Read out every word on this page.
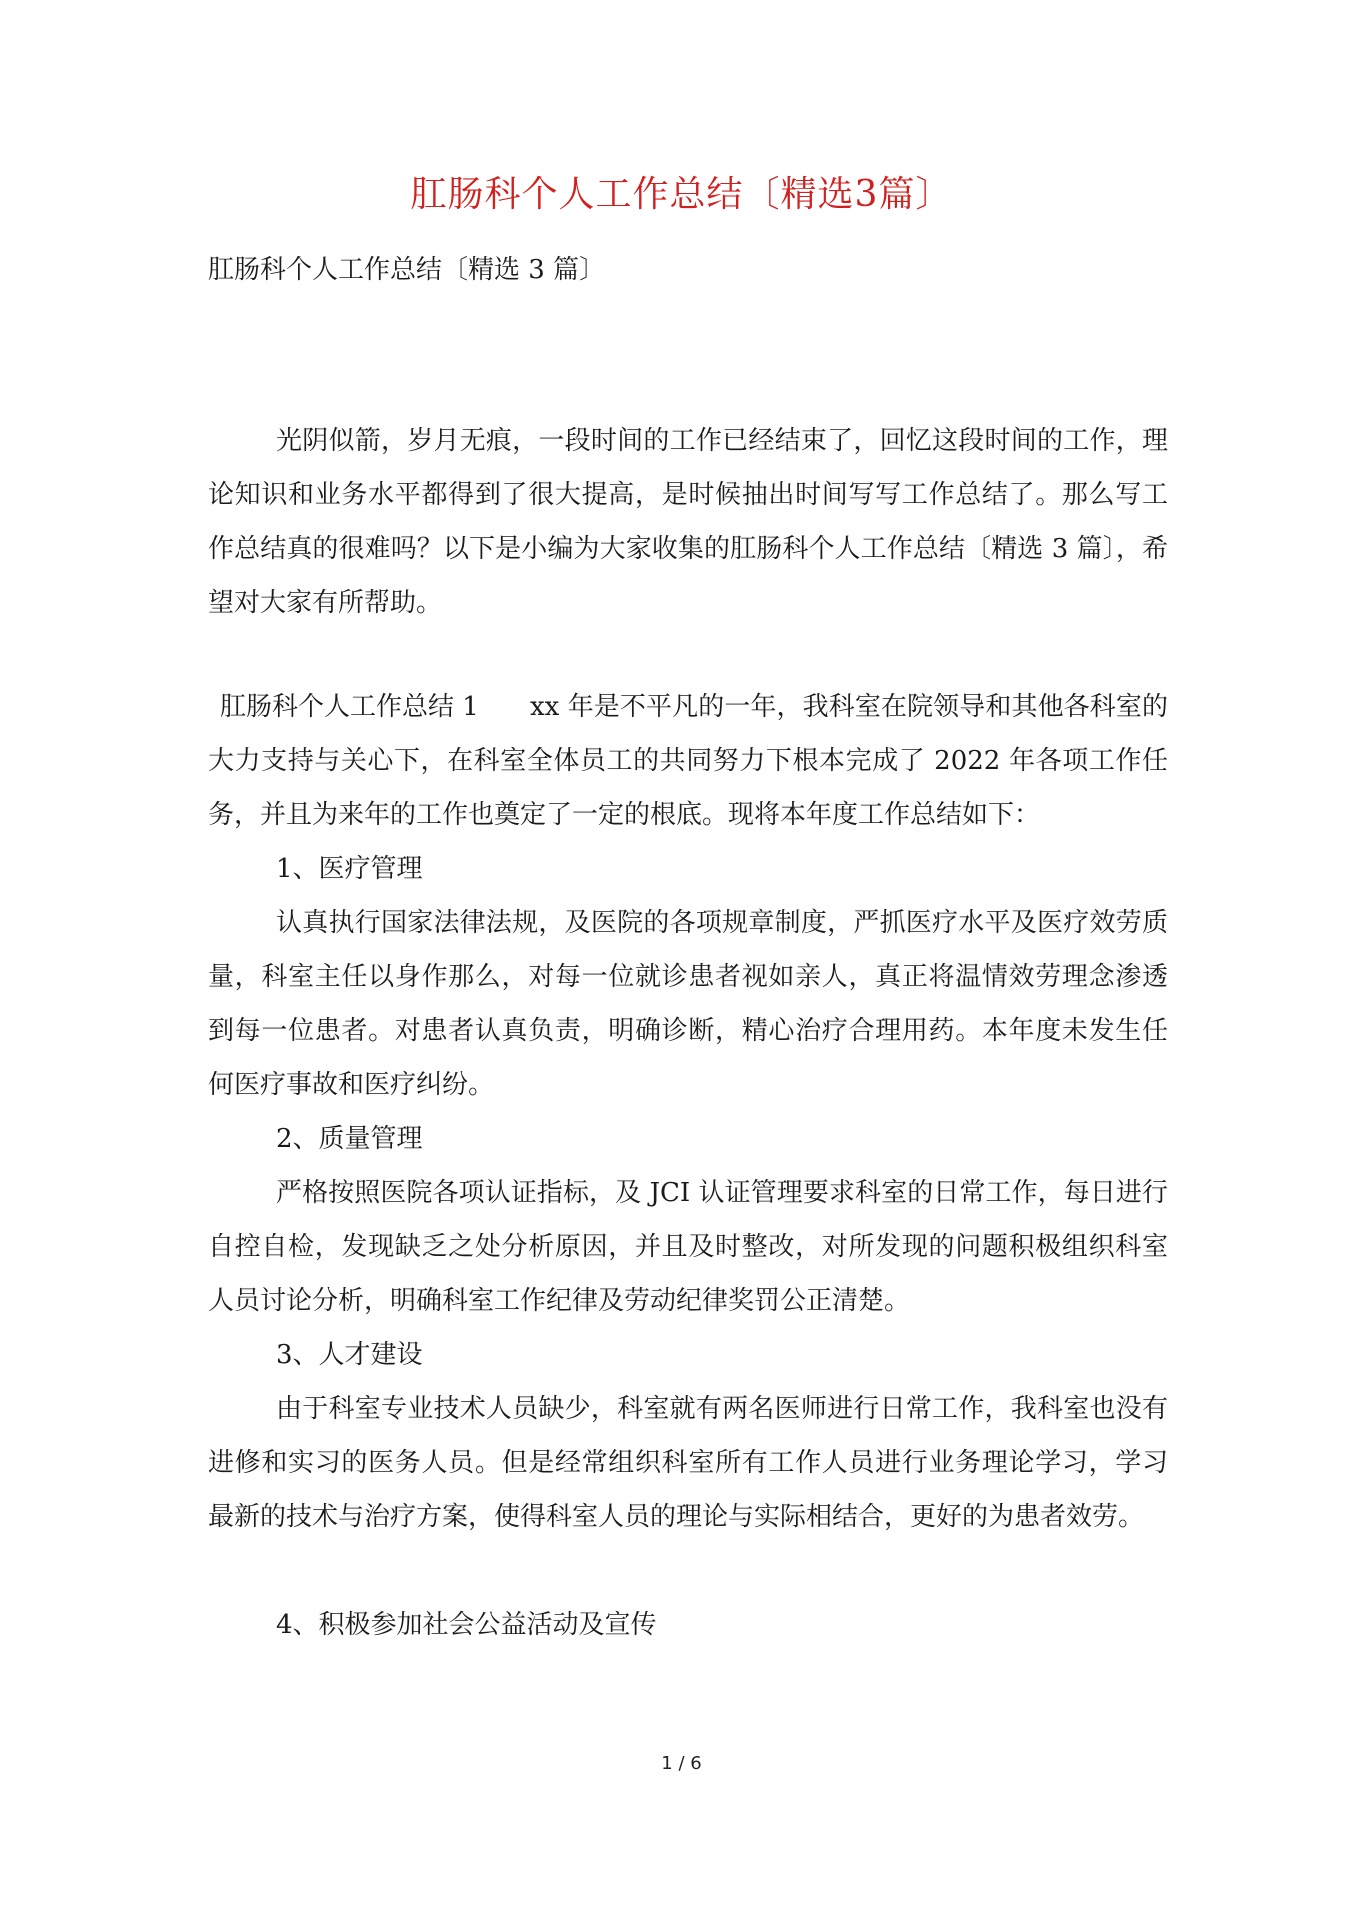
肛肠科个人工作总结〔精选3篇〕
肛肠科个人工作总结〔精选 3 篇〕

光阴似箭，岁月无痕，一段时间的工作已经结束了，回忆这段时间的工作，理论知识和业务水平都得到了很大提高，是时候抽出时间写写工作总结了。那么写工作总结真的很难吗？以下是小编为大家收集的肛肠科个人工作总结〔精选 3 篇〕，希望对大家有所帮助。

肛肠科个人工作总结 1 xx 年是不平凡的一年，我科室在院领导和其他各科室的大力支持与关心下，在科室全体员工的共同努力下根本完成了 2022 年各项工作任务，并且为来年的工作也奠定了一定的根底。现将本年度工作总结如下：

1、医疗管理

认真执行国家法律法规，及医院的各项规章制度，严抓医疗水平及医疗效劳质量，科室主任以身作那么，对每一位就诊患者视如亲人，真正将温情效劳理念渗透到每一位患者。对患者认真负责，明确诊断，精心治疗合理用药。本年度未发生任何医疗事故和医疗纠纷。

2、质量管理

严格按照医院各项认证指标，及 JCI 认证管理要求科室的日常工作，每日进行自控自检，发现缺乏之处分析原因，并且及时整改，对所发现的问题积极组织科室人员讨论分析，明确科室工作纪律及劳动纪律奖罚公正清楚。

3、人才建设

由于科室专业技术人员缺少，科室就有两名医师进行日常工作，我科室也没有进修和实习的医务人员。但是经常组织科室所有工作人员进行业务理论学习，学习最新的技术与治疗方案，使得科室人员的理论与实际相结合，更好的为患者效劳。

4、积极参加社会公益活动及宣传
1 / 6
